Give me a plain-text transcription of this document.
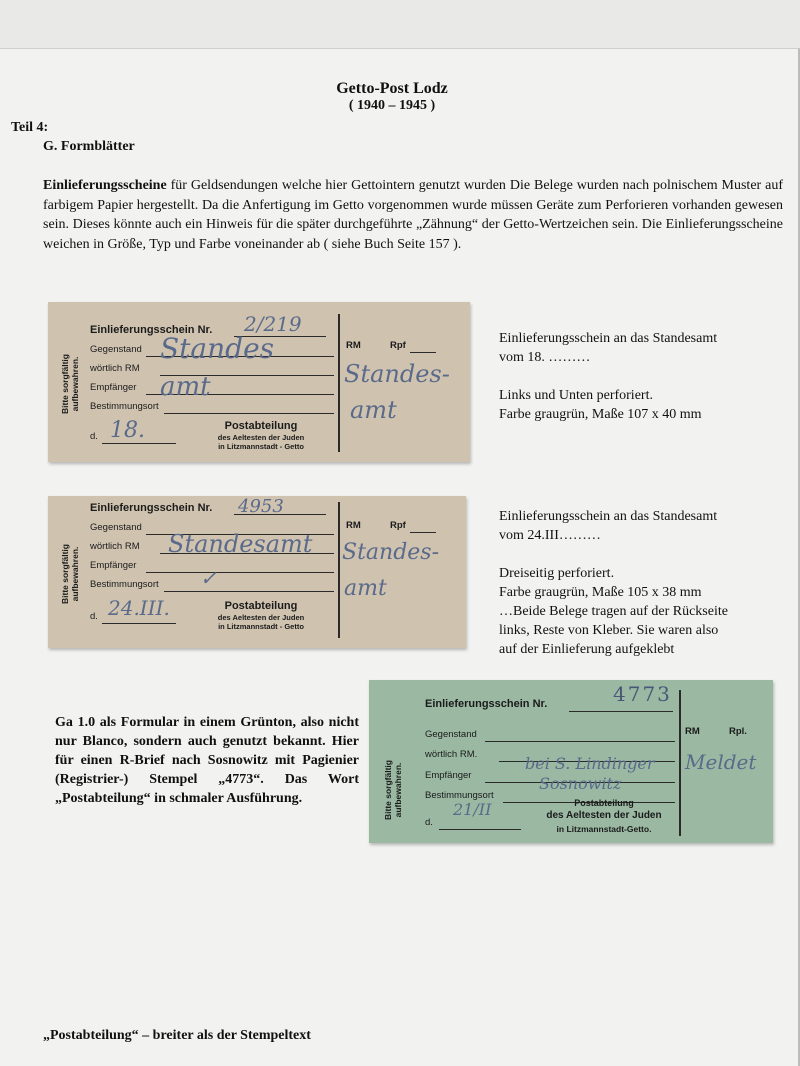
Getto-Post Lodz
( 1940 – 1945 )
Teil 4:
G. Formblätter
Einlieferungsscheine für Geldsendungen welche hier Gettointern genutzt wurden Die Belege wurden nach polnischem Muster auf farbigem Papier hergestellt. Da die Anfertigung im Getto vorgenommen wurde müssen Geräte zum Perforieren vorhanden gewesen sein. Dieses könnte auch ein Hinweis für die später durchgeführte „Zähnung“ der Getto-Wertzeichen sein. Die Einlieferungsscheine weichen in Größe, Typ und Farbe voneinander ab ( siehe Buch Seite 157 ).
Bitte sorgfältig aufbewahren.
Einlieferungsschein Nr. 2/219
Gegenstand Standes
wörtlich RM
Empfänger amt
Bestimmungsort
d. 18.	Postabteilung
des Aeltesten der Juden
in Litzmannstadt - Getto
RM	Rpf
Standes-
amt
Einlieferungsschein an das Standesamt
vom 18. ………
Links und Unten perforiert.
Farbe graugrün, Maße 107 x 40 mm
Bitte sorgfältig aufbewahren.
Einlieferungsschein Nr. 4953
Gegenstand
wörtlich RM Standesamt
Empfänger
Bestimmungsort ✓
d. 24.III.	Postabteilung
des Aeltesten der Juden
in Litzmannstadt - Getto
RM	Rpf
Standes-
amt
Einlieferungsschein an das Standesamt
vom 24.III………
Dreiseitig perforiert.
Farbe graugrün, Maße 105 x 38 mm
…Beide Belege tragen auf der Rückseite
links, Reste von Kleber. Sie waren also
auf der Einlieferung aufgeklebt
Ga 1.0 als Formular in einem Grünton, also nicht nur Blanco, sondern auch genutzt bekannt. Hier für einen R-Brief nach Sosnowitz mit Pagienier (Registrier-) Stempel „4773“. Das Wort „Postabteilung“ in schmaler Ausführung.	Bitte sorgfältig aufbewahren.
Einlieferungsschein Nr.	4773
Gegenstand
wörtlich RM.
Empfänger
bei S. Lindinger
Bestimmungsort
Sosnowitz
d.
21/II	Postabteilung
des Aeltesten der Juden
in Litzmannstadt-Getto.
RM	Rpl.
Meldet
„Postabteilung“ – breiter als der Stempeltext
